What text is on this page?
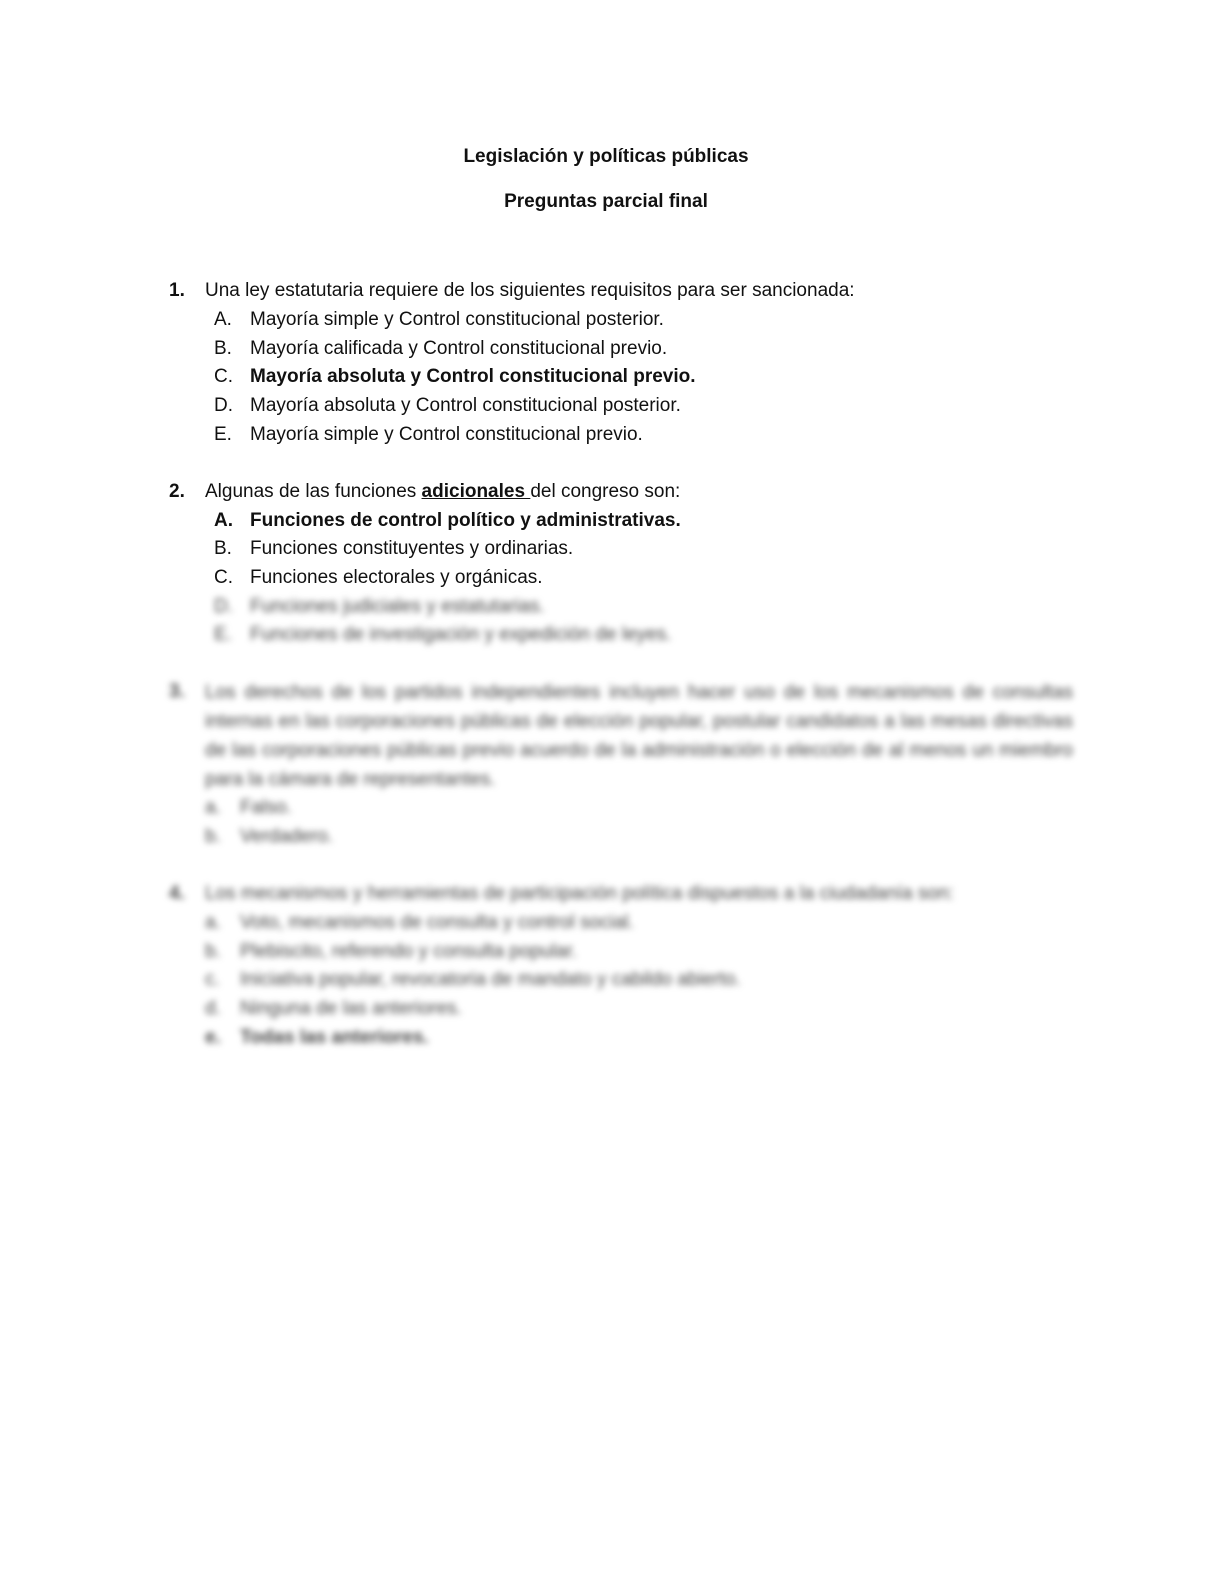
Legislación y políticas públicas
Preguntas parcial final
1. Una ley estatutaria requiere de los siguientes requisitos para ser sancionada:
A. Mayoría simple y Control constitucional posterior.
B. Mayoría calificada y Control constitucional previo.
C. Mayoría absoluta y Control constitucional previo.
D. Mayoría absoluta y Control constitucional posterior.
E. Mayoría simple y Control constitucional previo.
2. Algunas de las funciones adicionales del congreso son:
A. Funciones de control político y administrativas.
B. Funciones constituyentes y ordinarias.
C. Funciones electorales y orgánicas.
D. Funciones judiciales y estatutarias.
E. Funciones de investigación y expedición de leyes.
3. Los derechos de los partidos independientes incluyen hacer uso de los mecanismos de consultas internas en las corporaciones públicas de elección popular, postular candidatos a las mesas directivas de las corporaciones públicas previo acuerdo de la administración o elección de al menos un miembro para la cámara de representantes.
a. Falso.
b. Verdadero.
4. Los mecanismos y herramientas de participación política dispuestos a la ciudadanía son:
a. Voto, mecanismos de consulta y control social.
b. Plebiscito, referendo y consulta popular.
c. Iniciativa popular, revocatoria de mandato y cabildo abierto.
d. Ninguna de las anteriores.
e. Todas las anteriores.
